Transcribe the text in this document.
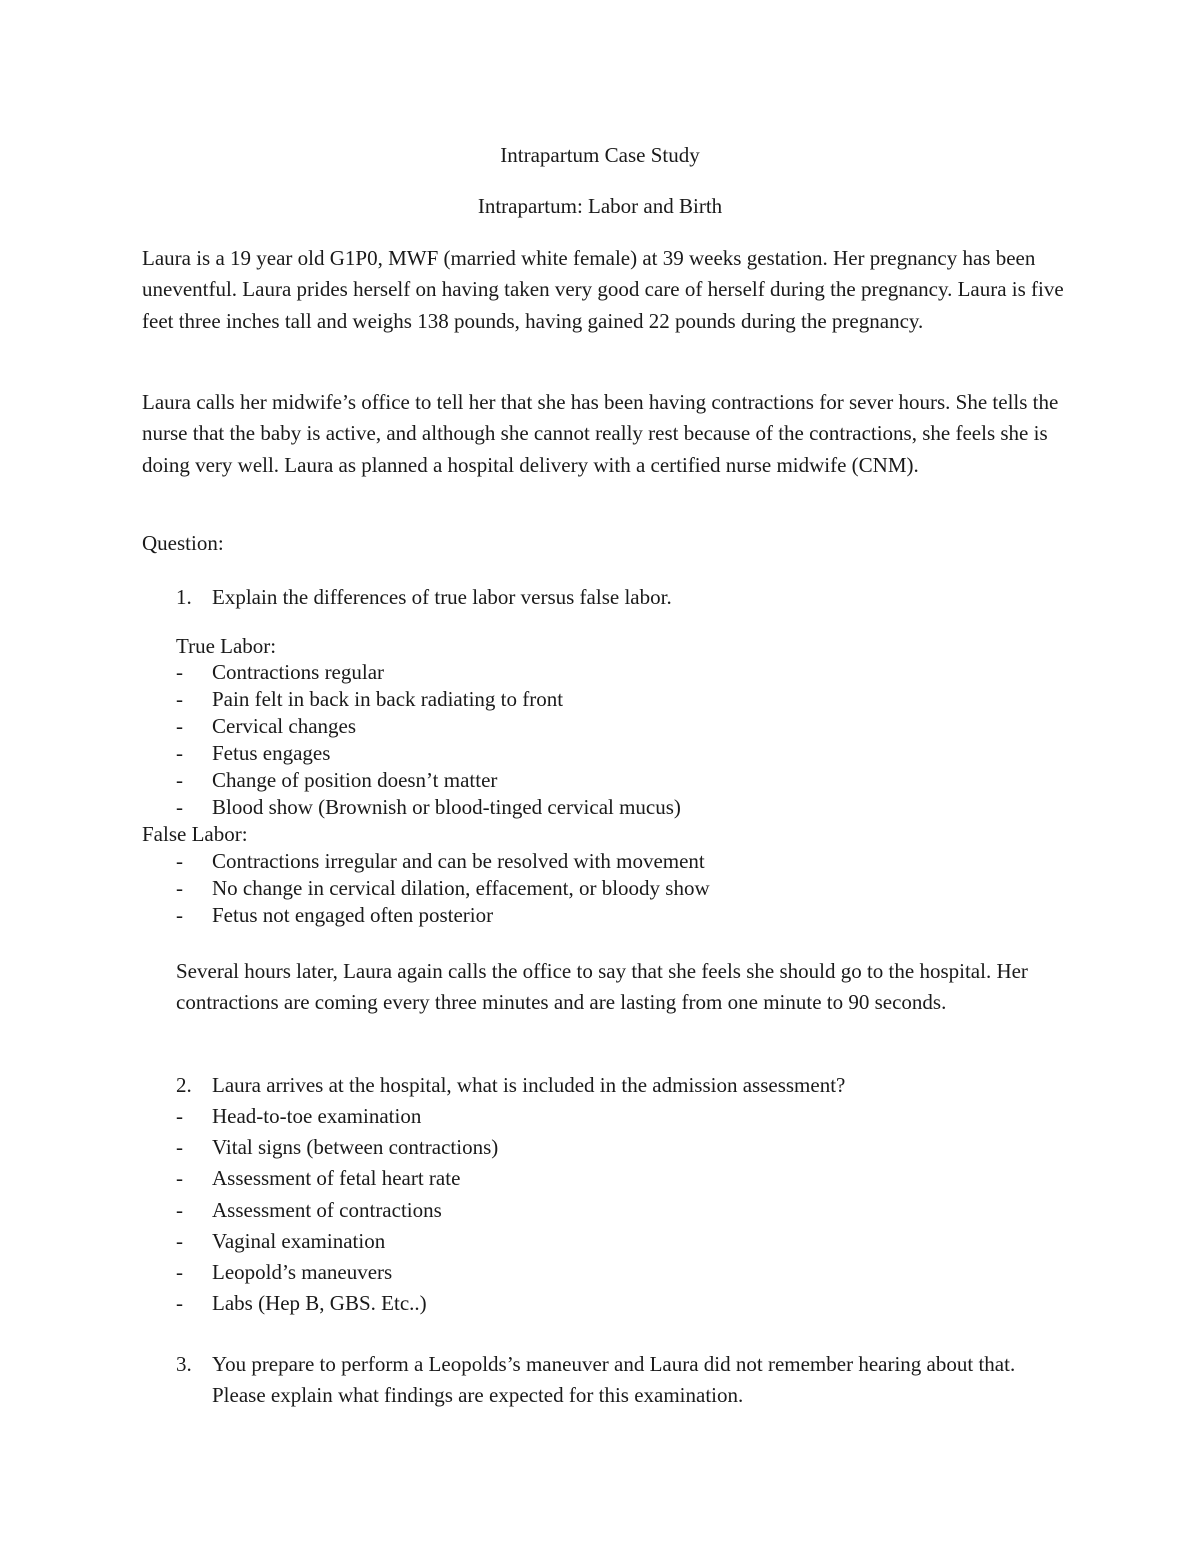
Intrapartum Case Study
Intrapartum: Labor and Birth
Laura is a 19 year old G1P0, MWF (married white female) at 39 weeks gestation. Her pregnancy has been uneventful. Laura prides herself on having taken very good care of herself during the pregnancy. Laura is five feet three inches tall and weighs 138 pounds, having gained 22 pounds during the pregnancy.
Laura calls her midwife’s office to tell her that she has been having contractions for sever hours. She tells the nurse that the baby is active, and although she cannot really rest because of the contractions, she feels she is doing very well. Laura as planned a hospital delivery with a certified nurse midwife (CNM).
Question:
1. Explain the differences of true labor versus false labor.
True Labor:
- Contractions regular
- Pain felt in back in back radiating to front
- Cervical changes
- Fetus engages
- Change of position doesn’t matter
- Blood show (Brownish or blood-tinged cervical mucus)
False Labor:
- Contractions irregular and can be resolved with movement
- No change in cervical dilation, effacement, or bloody show
- Fetus not engaged often posterior
Several hours later, Laura again calls the office to say that she feels she should go to the hospital. Her contractions are coming every three minutes and are lasting from one minute to 90 seconds.
2. Laura arrives at the hospital, what is included in the admission assessment?
- Head-to-toe examination
- Vital signs (between contractions)
- Assessment of fetal heart rate
- Assessment of contractions
- Vaginal examination
- Leopold’s maneuvers
- Labs (Hep B, GBS. Etc..)
3. You prepare to perform a Leopolds’s maneuver and Laura did not remember hearing about that. Please explain what findings are expected for this examination.
